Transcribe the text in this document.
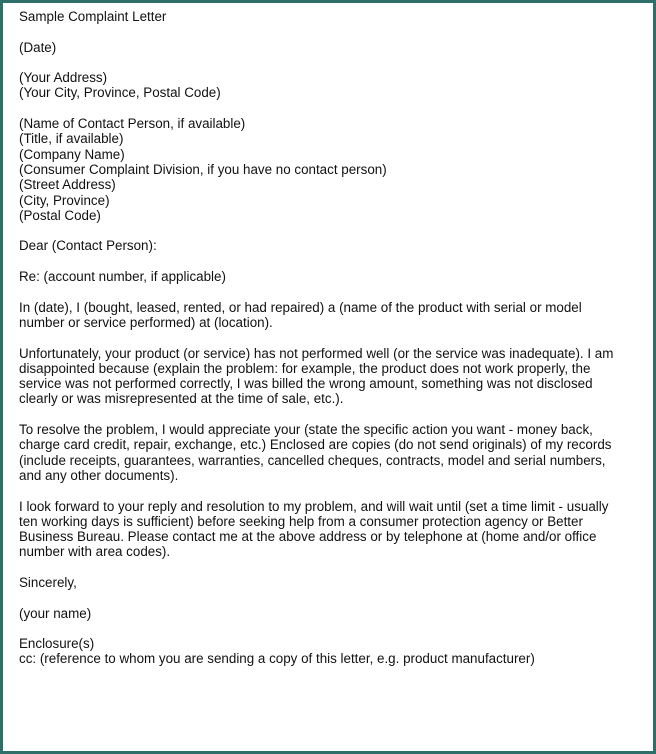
Sample Complaint Letter
(Date)
(Your Address)
(Your City, Province, Postal Code)
(Name of Contact Person, if available)
(Title, if available)
(Company Name)
(Consumer Complaint Division, if you have no contact person)
(Street Address)
(City, Province)
(Postal Code)
Dear (Contact Person):
Re: (account number, if applicable)
In (date), I (bought, leased, rented, or had repaired) a (name of the product with serial or model number or service performed) at (location).
Unfortunately, your product (or service) has not performed well (or the service was inadequate). I am disappointed because (explain the problem: for example, the product does not work properly, the service was not performed correctly, I was billed the wrong amount, something was not disclosed clearly or was misrepresented at the time of sale, etc.).
To resolve the problem, I would appreciate your (state the specific action you want - money back, charge card credit, repair, exchange, etc.) Enclosed are copies (do not send originals) of my records (include receipts, guarantees, warranties, cancelled cheques, contracts, model and serial numbers, and any other documents).
I look forward to your reply and resolution to my problem, and will wait until (set a time limit - usually ten working days is sufficient) before seeking help from a consumer protection agency or Better Business Bureau. Please contact me at the above address or by telephone at (home and/or office number with area codes).
Sincerely,
(your name)
Enclosure(s)
cc: (reference to whom you are sending a copy of this letter, e.g. product manufacturer)
